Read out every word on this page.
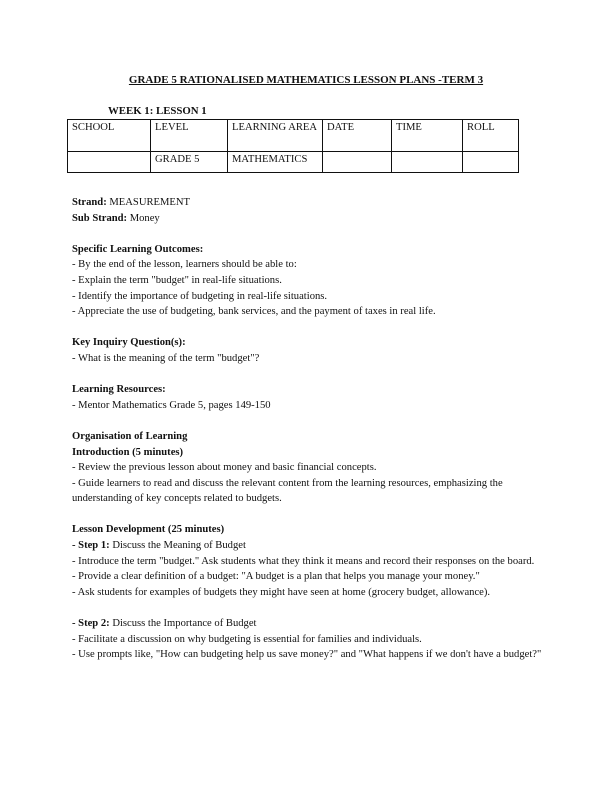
GRADE 5 RATIONALISED MATHEMATICS LESSON PLANS -TERM 3
WEEK 1: LESSON 1
SCHOOL	LEVEL	LEARNING AREA	DATE	TIME	ROLL
	GRADE 5	MATHEMATICS			

Strand: MEASUREMENT

Sub Strand: Money

Specific Learning Outcomes:

- By the end of the lesson, learners should be able to:

- Explain the term "budget" in real-life situations.

- Identify the importance of budgeting in real-life situations.

- Appreciate the use of budgeting, bank services, and the payment of taxes in real life.

Key Inquiry Question(s):

- What is the meaning of the term "budget"?

Learning Resources:

- Mentor Mathematics Grade 5, pages 149-150

Organisation of Learning

Introduction (5 minutes)

- Review the previous lesson about money and basic financial concepts.

- Guide learners to read and discuss the relevant content from the learning resources, emphasizing the understanding of key concepts related to budgets.

Lesson Development (25 minutes)

- Step 1: Discuss the Meaning of Budget

- Introduce the term "budget." Ask students what they think it means and record their responses on the board.

- Provide a clear definition of a budget: "A budget is a plan that helps you manage your money."

- Ask students for examples of budgets they might have seen at home (grocery budget, allowance).

- Step 2: Discuss the Importance of Budget

- Facilitate a discussion on why budgeting is essential for families and individuals.

- Use prompts like, "How can budgeting help us save money?" and "What happens if we don't have a budget?"
